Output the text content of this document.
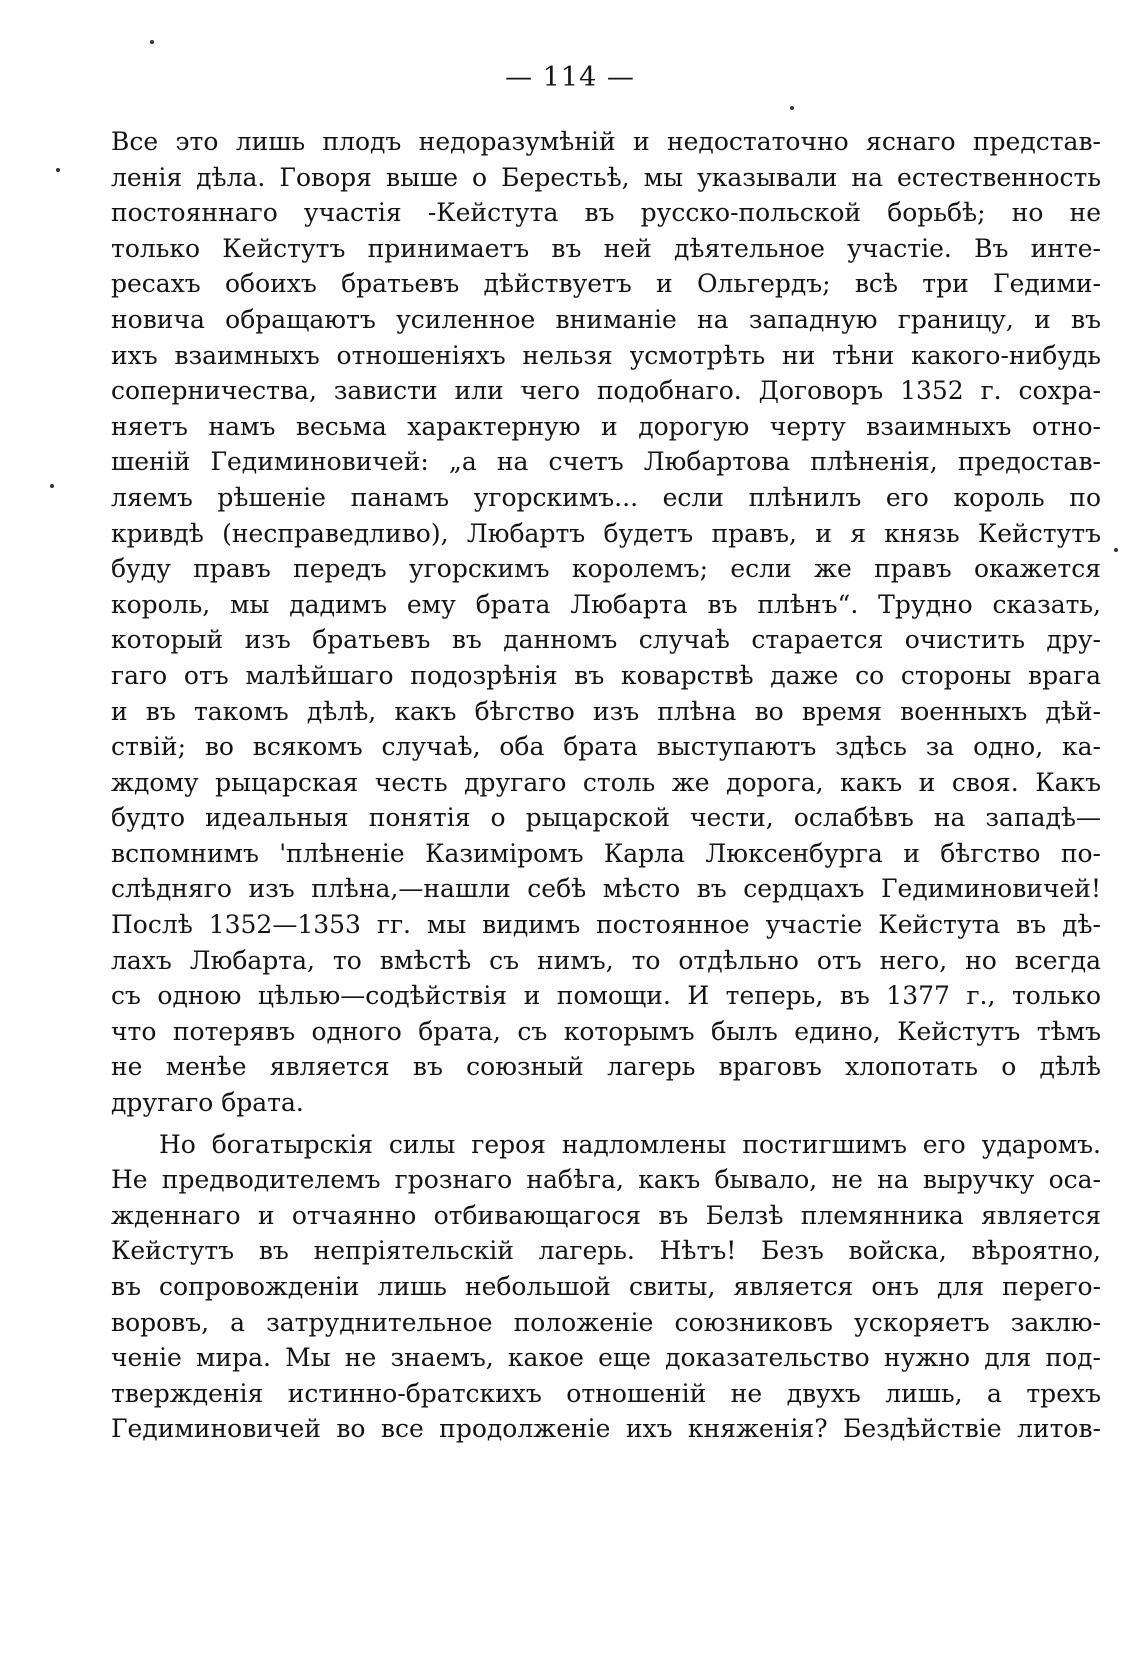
— 114 —
Все это лишь плодъ недоразумѣній и недостаточно яснаго представ-
ленія дѣла. Говоря выше о Берестьѣ, мы указывали на естественность
постояннаго участія -Кейстута въ русско-польской борьбѣ; но не
только Кейстутъ принимаетъ въ ней дѣятельное участіе. Въ инте-
ресахъ обоихъ братьевъ дѣйствуетъ и Ольгердъ; всѣ три Гедими-
новича обращаютъ усиленное вниманіе на западную границу, и въ
ихъ взаимныхъ отношеніяхъ нельзя усмотрѣть ни тѣни какого-нибудь
соперничества, зависти или чего подобнаго. Договоръ 1352 г. сохра-
няетъ намъ весьма характерную и дорогую черту взаимныхъ отно-
шеній Гедиминовичей: „а на счетъ Любартова плѣненія, предостав-
ляемъ рѣшеніе панамъ угорскимъ... если плѣнилъ его король по
кривдѣ (несправедливо), Любартъ будетъ правъ, и я князь Кейстутъ
буду правъ передъ угорскимъ королемъ; если же правъ окажется
король, мы дадимъ ему брата Любарта въ плѣнъ“. Трудно сказать,
который изъ братьевъ въ данномъ случаѣ старается очистить дру-
гаго отъ малѣйшаго подозрѣнія въ коварствѣ даже со стороны врага
и въ такомъ дѣлѣ, какъ бѣгство изъ плѣна во время военныхъ дѣй-
ствій; во всякомъ случаѣ, оба брата выступаютъ здѣсь за одно, ка-
ждому рыцарская честь другаго столь же дорога, какъ и своя. Какъ
будто идеальныя понятія о рыцарской чести, ослабѣвъ на западѣ—
вспомнимъ 'плѣненіе Казиміромъ Карла Люксенбурга и бѣгство по-
слѣдняго изъ плѣна,—нашли себѣ мѣсто въ сердцахъ Гедиминовичей!
Послѣ 1352—1353 гг. мы видимъ постоянное участіе Кейстута въ дѣ-
лахъ Любарта, то вмѣстѣ съ нимъ, то отдѣльно отъ него, но всегда
съ одною цѣлью—содѣйствія и помощи. И теперь, въ 1377 г., только
что потерявъ одного брата, съ которымъ былъ едино, Кейстутъ тѣмъ
не менѣе является въ союзный лагерь враговъ хлопотать о дѣлѣ
другаго брата.
Но богатырскія силы героя надломлены постигшимъ его ударомъ.
Не предводителемъ грознаго набѣга, какъ бывало, не на выручку оса-
жденнаго и отчаянно отбивающагося въ Белзѣ племянника является
Кейстутъ въ непріятельскій лагерь. Нѣтъ! Безъ войска, вѣроятно,
въ сопровожденіи лишь небольшой свиты, является онъ для перего-
воровъ, а затруднительное положеніе союзниковъ ускоряетъ заклю-
ченіе мира. Мы не знаемъ, какое еще доказательство нужно для под-
твержденія истинно-братскихъ отношеній не двухъ лишь, а трехъ
Гедиминовичей во все продолженіе ихъ княженія? Бездѣйствіе литов-
